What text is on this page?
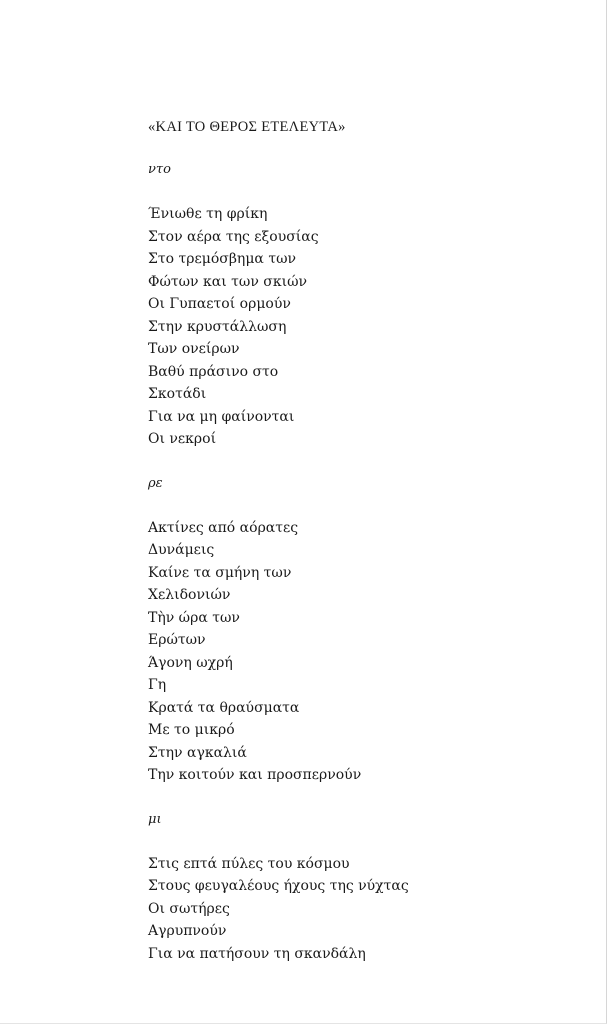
«ΚΑΙ ΤΟ ΘΕΡΟΣ ΕΤΕΛΕΥΤΑ»
ντο
Ένιωθε τη φρίκη
Στον αέρα της εξουσίας
Στο τρεμόσβημα των
Φώτων και των σκιών
Οι Γυπαετοί ορμούν
Στην κρυστάλλωση
Των ονείρων
Βαθύ πράσινο στο
Σκοτάδι
Για να μη φαίνονται
Οι νεκροί
ρε
Ακτίνες από αόρατες
Δυνάμεις
Καίνε τα σμήνη των
Χελιδονιών
Τὴν ώρα των
Ερώτων
Άγονη ωχρή
Γη
Κρατά τα θραύσματα
Με το μικρό
Στην αγκαλιά
Την κοιτούν και προσπερνούν
μι
Στις επτά πύλες του κόσμου
Στους φευγαλέους ήχους της νύχτας
Οι σωτήρες
Αγρυπνούν
Για να πατήσουν τη σκανδάλη
